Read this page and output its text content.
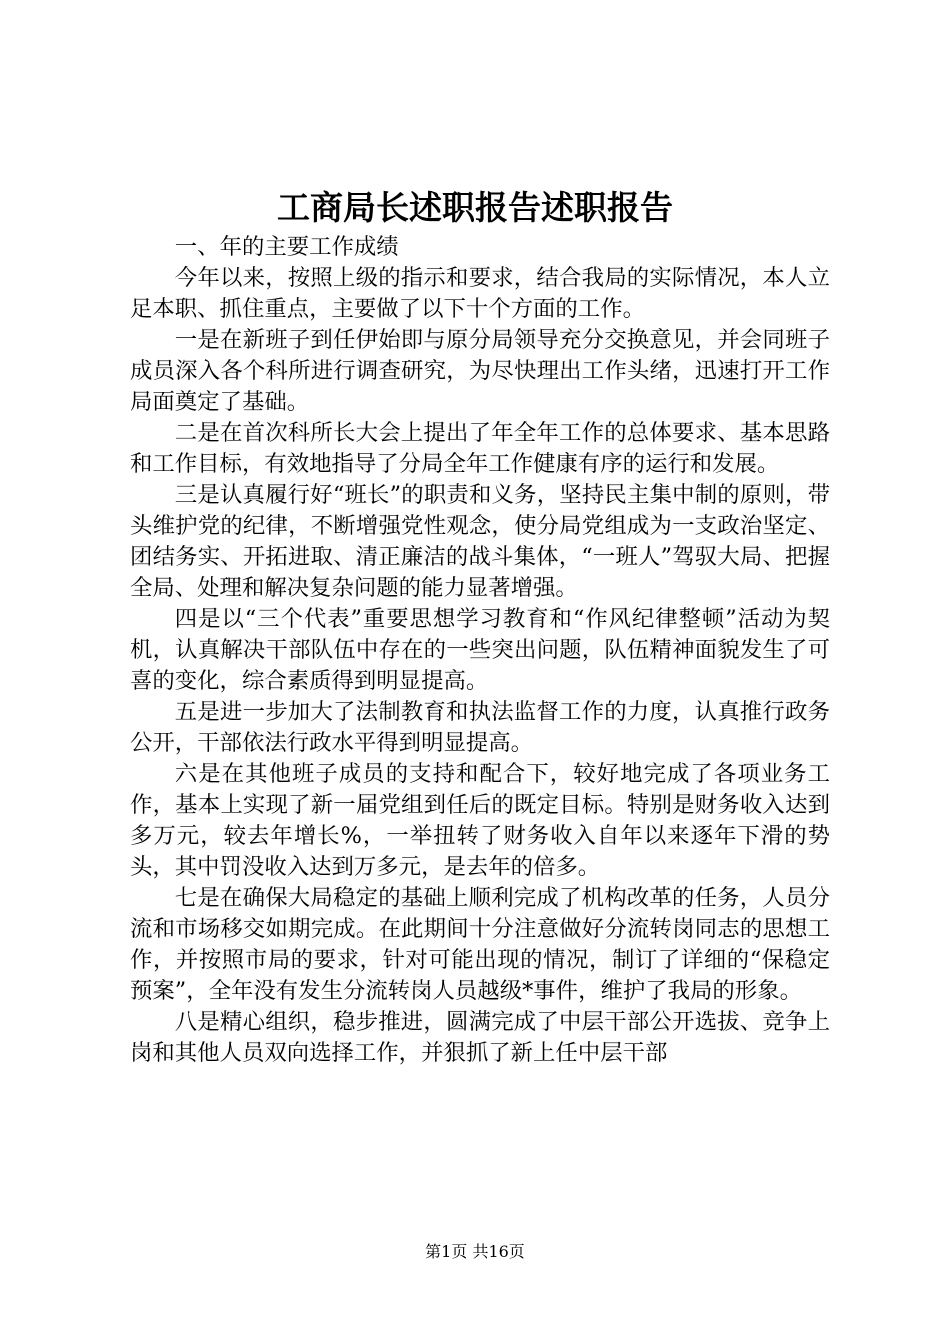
工商局长述职报告述职报告

一、年的主要工作成绩

今年以来，按照上级的指示和要求，结合我局的实际情况，本人立足本职、抓住重点，主要做了以下十个方面的工作。

一是在新班子到任伊始即与原分局领导充分交换意见，并会同班子成员深入各个科所进行调查研究，为尽快理出工作头绪，迅速打开工作局面奠定了基础。

二是在首次科所长大会上提出了年全年工作的总体要求、基本思路和工作目标，有效地指导了分局全年工作健康有序的运行和发展。

三是认真履行好“班长”的职责和义务，坚持民主集中制的原则，带头维护党的纪律，不断增强党性观念，使分局党组成为一支政治坚定、团结务实、开拓进取、清正廉洁的战斗集体，“一班人”驾驭大局、把握全局、处理和解决复杂问题的能力显著增强。

四是以“三个代表”重要思想学习教育和“作风纪律整顿”活动为契机，认真解决干部队伍中存在的一些突出问题，队伍精神面貌发生了可喜的变化，综合素质得到明显提高。

五是进一步加大了法制教育和执法监督工作的力度，认真推行政务公开，干部依法行政水平得到明显提高。

六是在其他班子成员的支持和配合下，较好地完成了各项业务工作，基本上实现了新一届党组到任后的既定目标。特别是财务收入达到多万元，较去年增长%，一举扭转了财务收入自年以来逐年下滑的势头，其中罚没收入达到万多元，是去年的倍多。

七是在确保大局稳定的基础上顺利完成了机构改革的任务，人员分流和市场移交如期完成。在此期间十分注意做好分流转岗同志的思想工作，并按照市局的要求，针对可能出现的情况，制订了详细的“保稳定预案”，全年没有发生分流转岗人员越级*事件，维护了我局的形象。

八是精心组织，稳步推进，圆满完成了中层干部公开选拔、竞争上岗和其他人员双向选择工作，并狠抓了新上任中层干部

第1页 共16页
